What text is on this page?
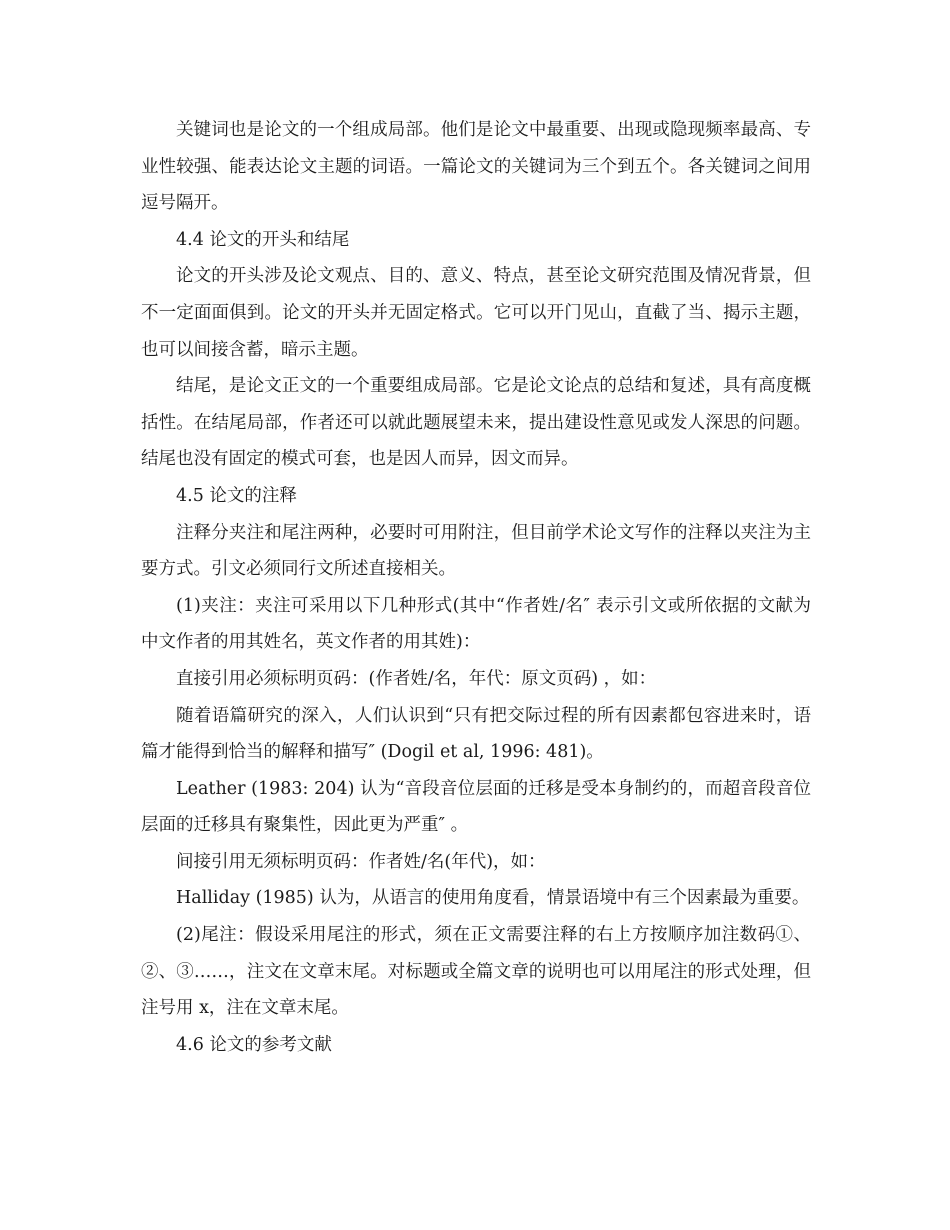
关键词也是论文的一个组成局部。他们是论文中最重要、出现或隐现频率最高、专业性较强、能表达论文主题的词语。一篇论文的关键词为三个到五个。各关键词之间用逗号隔开。

4.4 论文的开头和结尾

论文的开头涉及论文观点、目的、意义、特点，甚至论文研究范围及情况背景，但不一定面面俱到。论文的开头并无固定格式。它可以开门见山，直截了当、揭示主题，也可以间接含蓄，暗示主题。

结尾，是论文正文的一个重要组成局部。它是论文论点的总结和复述，具有高度概括性。在结尾局部，作者还可以就此题展望未来，提出建设性意见或发人深思的问题。结尾也没有固定的模式可套，也是因人而异，因文而异。

4.5 论文的注释

注释分夹注和尾注两种，必要时可用附注，但目前学术论文写作的注释以夹注为主要方式。引文必须同行文所述直接相关。

(1)夹注：夹注可采用以下几种形式(其中“作者姓/名″ 表示引文或所依据的文献为中文作者的用其姓名，英文作者的用其姓)：

直接引用必须标明页码：(作者姓/名，年代：原文页码) ，如：

随着语篇研究的深入，人们认识到“只有把交际过程的所有因素都包容进来时，语篇才能得到恰当的解释和描写″ (Dogil et al, 1996: 481)。

Leather (1983: 204) 认为“音段音位层面的迁移是受本身制约的，而超音段音位层面的迁移具有聚集性，因此更为严重″ 。

间接引用无须标明页码：作者姓/名(年代)，如：

Halliday (1985) 认为，从语言的使用角度看，情景语境中有三个因素最为重要。

(2)尾注：假设采用尾注的形式，须在正文需要注释的右上方按顺序加注数码①、②、③……，注文在文章末尾。对标题或全篇文章的说明也可以用尾注的形式处理，但注号用 x，注在文章末尾。

4.6 论文的参考文献
